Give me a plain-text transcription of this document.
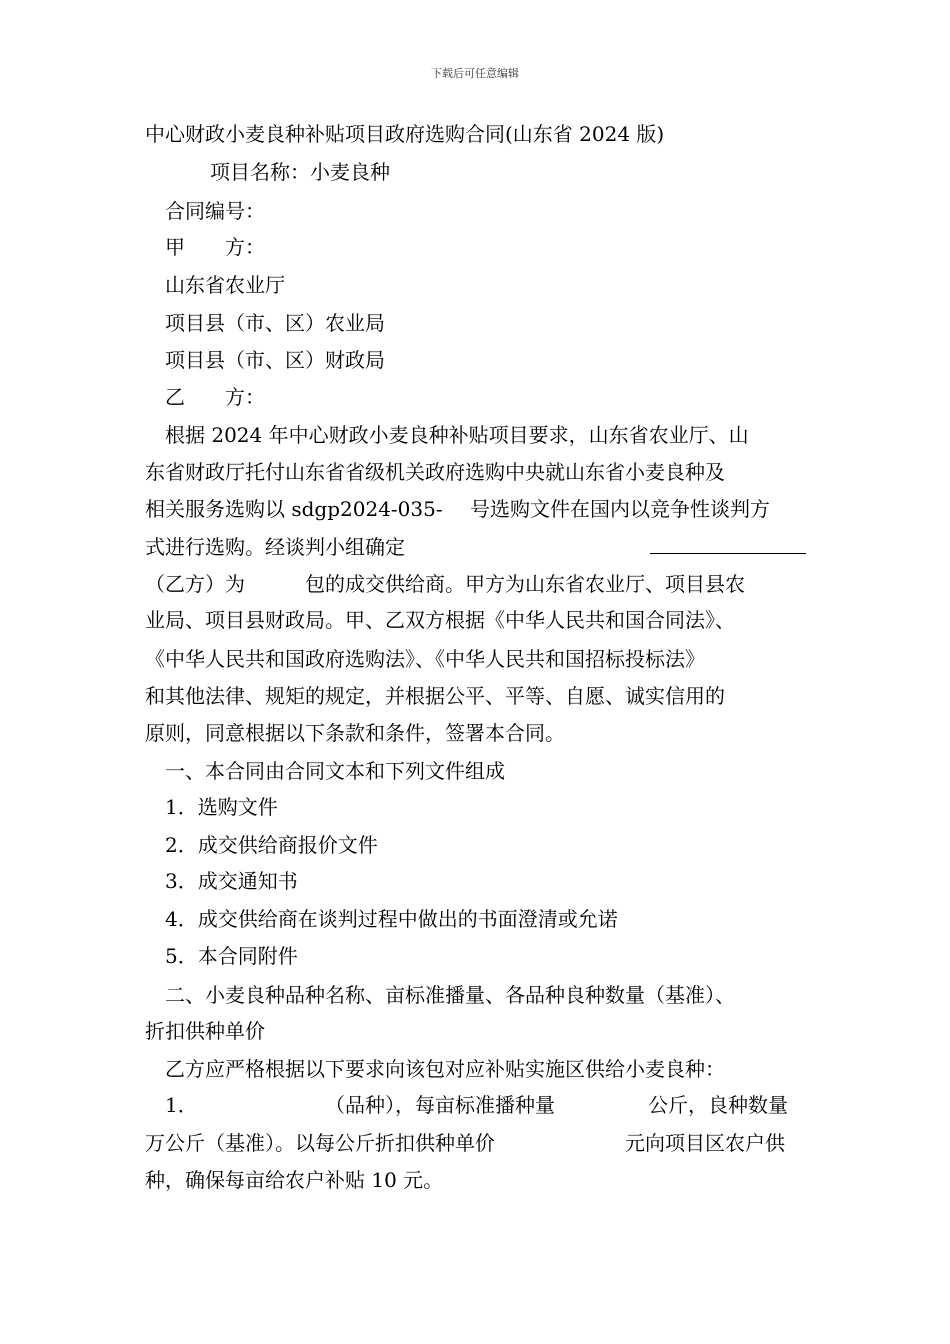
下载后可任意编辑
中心财政小麦良种补贴项目政府选购合同(山东省 2024 版)
项目名称：小麦良种
合同编号：
甲　　方：
山东省农业厅
项目县（市、区）农业局
项目县（市、区）财政局
乙　　方：
根据 2024 年中心财政小麦良种补贴项目要求，山东省农业厅、山
东省财政厅托付山东省省级机关政府选购中央就山东省小麦良种及
相关服务选购以 sdgp2024-035- 号选购文件在国内以竞争性谈判方
式进行选购。经谈判小组确定
（乙方）为	包的成交供给商。甲方为山东省农业厅、项目县农
业局、项目县财政局。甲、乙双方根据《中华人民共和国合同法》、
《中华人民共和国政府选购法》、《中华人民共和国招标投标法》
和其他法律、规矩的规定，并根据公平、平等、自愿、诚实信用的
原则，同意根据以下条款和条件，签署本合同。
一、本合同由合同文本和下列文件组成
1．选购文件
2．成交供给商报价文件
3．成交通知书
4．成交供给商在谈判过程中做出的书面澄清或允诺
5．本合同附件
二、小麦良种品种名称、亩标准播量、各品种良种数量（基准）、
折扣供种单价
乙方应严格根据以下要求向该包对应补贴实施区供给小麦良种：
1．	（品种），每亩标准播种量	公斤，良种数量
万公斤（基准）。以每公斤折扣供种单价	元向项目区农户供
种，确保每亩给农户补贴 10 元。
